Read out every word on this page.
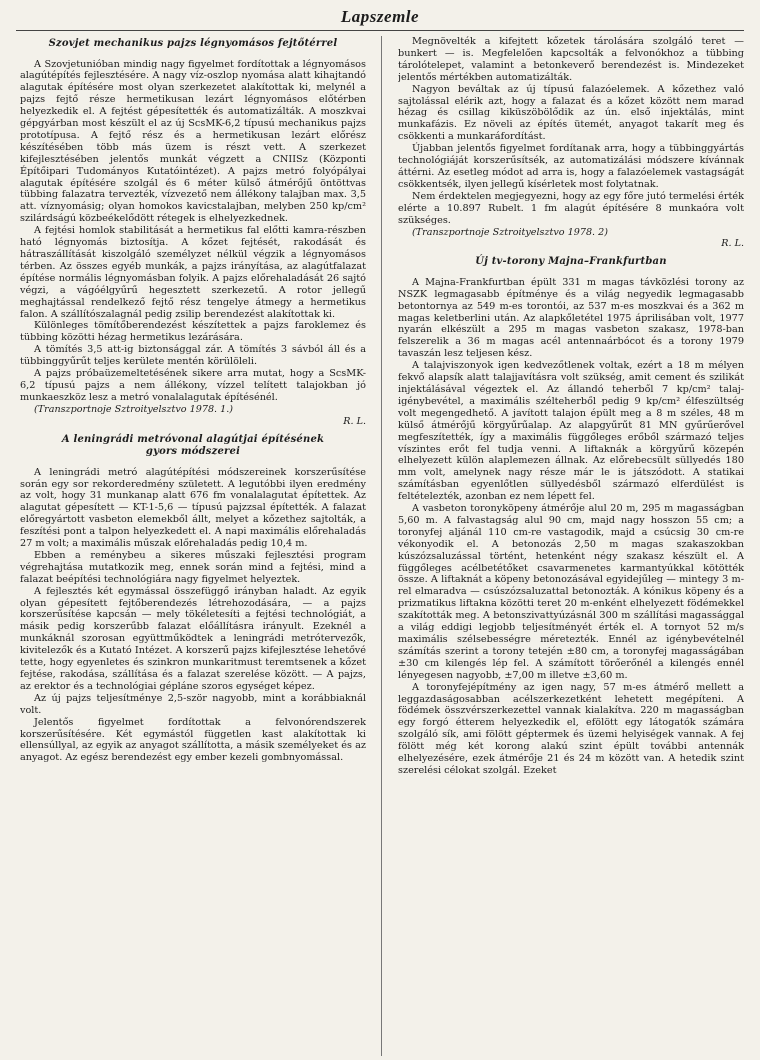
Lapszemle
Szovjet mechanikus pajzs légnyomásos fejtőtérrel

A Szovjetunióban mindig nagy figyelmet fordítottak a légnyomásos alagútépítés fejlesztésére. A nagy víz-oszlop nyomása alatt kihajtandó alagutak építésére most olyan szerkezetet alakítottak ki, melynél a pajzs fejtő része hermetikusan lezárt légnyomásos előtérben helyezkedik el. A fejtést gépesítették és automatizálták. A moszkvai gépgyárban most készült el az új ScsMK-6,2 típusú mechanikus pajzs prototípusa. A fejtő rész és a hermetikusan lezárt előrész készítésében több más üzem is részt vett. A szerkezet kifejlesztésében jelentős munkát végzett a CNIISz (Központi Építőipari Tudományos Kutatóintézet). A pajzs metró folyópályai alagutak építésére szolgál és 6 méter külső átmérőjű öntöttvas tübbing falazatra tervezték, vízvezető nem állékony talajban max. 3,5 att. víznyomásig; olyan homokos kavicstalajban, melyben 250 kp/cm² szilárdságú közbeékelődött rétegek is elhelyezkednek.

A fejtési homlok stabilitását a hermetikus fal előtti kamra-részben ható légnyomás biztosítja. A kőzet fejtését, rakodását és hátraszállítását kiszolgáló személyzet nélkül végzik a légnyomásos térben. Az összes egyéb munkák, a pajzs irányítása, az alagútfalazat építése normális légnyomásban folyik. A pajzs előrehaladását 26 sajtó végzi, a vágóélgyűrű hegesztett szerkezetű. A rotor jellegű meghajtással rendelkező fejtő rész tengelye átmegy a hermetikus falon. A szállítószalagnál pedig zsilip berendezést alakítottak ki.

Különleges tömítőberendezést készítettek a pajzs faroklemez és tübbing közötti hézag hermetikus lezárására.

A tömítés 3,5 att-ig biztonsággal zár. A tömítés 3 sávból áll és a tübbinggyűrűt teljes kerülete mentén körülöleli.

A pajzs próbaüzemeltetésének sikere arra mutat, hogy a ScsMK-6,2 típusú pajzs a nem állékony, vízzel telített talajokban jó munkaeszköz lesz a metró vonalalagutak építésénél.

(Transzportnoje Sztroityelsztvo 1978. 1.)

R. L.

A leningrádi metróvonal alagútjai építésének
gyors módszerei

A leningrádi metró alagútépítési módszereinek korszerűsítése során egy sor rekorderedmény született. A legutóbbi ilyen eredmény az volt, hogy 31 munkanap alatt 676 fm vonalalagutat építettek. Az alagutat gépesített — KT-1-5,6 — típusú pajzzsal építették. A falazat előregyártott vasbeton elemekből állt, melyet a kőzethez sajtolták, a feszítési pont a talpon helyezkedett el. A napi maximális előrehaladás 27 m volt; a maximális műszak előrehaladás pedig 10,4 m.

Ebben a reménybeu a sikeres műszaki fejlesztési program végrehajtása mutatkozik meg, ennek során mind a fejtési, mind a falazat beépítési technológiára nagy figyelmet helyeztek.

A fejlesztés két egymással összefüggő irányban haladt. Az egyik olyan gépesített fejtőberendezés létrehozodására, — a pajzs korszerűsítése kapcsán — mely tökéletesíti a fejtési technológiát, a másik pedig korszerűbb falazat előállításra irányult. Ezeknél a munkáknál szorosan együttműködtek a leningrádi metrótervezők, kivitelezők és a Kutató Intézet. A korszerű pajzs kifejlesztése lehetővé tette, hogy egyenletes és szinkron munkaritmust teremtsenek a kőzet fejtése, rakodása, szállítása és a falazat szerelése között. — A pajzs, az erektor és a technológiai gépláne szoros egységet képez.

Az új pajzs teljesítménye 2,5-ször nagyobb, mint a korábbiaknál volt.

Jelentős figyelmet fordítottak a felvonórendszerek korszerűsítésére. Két egymástól független kast alakítottak ki ellensúllyal, az egyik az anyagot szállította, a másik személyeket és az anyagot. Az egész berendezést egy ember kezeli gombnyomással.

Megnövelték a kifejtett kőzetek tárolására szolgáló teret — bunkert — is. Megfelelően kapcsolták a felvonókhoz a tübbing tárolótelepet, valamint a betonkeverő berendezést is. Mindezeket jelentős mértékben automatizálták.

Nagyon beváltak az új típusú falazóelemek. A kőzethez való sajtolással elérik azt, hogy a falazat és a kőzet között nem marad hézag és csillag kiküszöbölődik az ún. első injektálás, mint munkafázis. Ez növeli az építés ütemét, anyagot takarít meg és csökkenti a munkaráfordítást.

Újabban jelentős figyelmet fordítanak arra, hogy a tübbinggyártás technológiáját korszerűsítsék, az automatizálási módszere kívánnak áttérni. Az esetleg módot ad arra is, hogy a falazóelemek vastagságát csökkentsék, ilyen jellegű kísérletek most folytatnak.

Nem érdektelen megjegyezni, hogy az egy főre jutó termelési érték elérte a 10.897 Rubelt. 1 fm alagút építésére 8 munkaóra volt szükséges.

(Transzportnoje Sztroityelsztvo 1978. 2)

R. L.

Új tv-torony Majna–Frankfurtban

A Majna-Frankfurtban épült 331 m magas távközlési torony az NSZK legmagasabb építménye és a világ negyedik legmagasabb betontornya az 549 m-es torontói, az 537 m-es moszkvai és a 362 m magas keletberlini után. Az alapkőletétel 1975 áprilisában volt, 1977 nyarán elkészült a 295 m magas vasbeton szakasz, 1978-ban felszerelik a 36 m magas acél antennaárbócot és a torony 1979 tavaszán lesz teljesen kész.

A talajviszonyok igen kedvezőtlenek voltak, ezért a 18 m mélyen fekvő alapsík alatt talajjavításra volt szükség, amit cement és szilikát injektálásával végeztek el. Az állandó teherből 7 kp/cm² talaj-igénybevétel, a maximális szélteherből pedig 9 kp/cm² élfeszültség volt megengedhető. A javított talajon épült meg a 8 m széles, 48 m külső átmérőjű körgyűrűalap. Az alapgyűrűt 81 MN gyűrűerővel megfeszítették, így a maximális függőleges erőből származó teljes víszintes erőt fel tudja venni. A liftaknák a körgyűrű közepén elhelyezett külön alaplemezen állnak. Az előrebecsült süllyedés 180 mm volt, amelynek nagy része már le is játszódott. A statikai számításban egyenlőtlen süllyedésből származó elferdülést is feltételezték, azonban ez nem lépett fel.

A vasbeton toronyköpeny átmérője alul 20 m, 295 m magasságban 5,60 m. A falvastagság alul 90 cm, majd nagy hosszon 55 cm; a toronyfej aljánál 110 cm-re vastagodik, majd a csúcsig 30 cm-re vékonyodik el. A betonozás 2,50 m magas szakaszokban kúszózsaluzással történt, hetenként négy szakasz készült el. A függőleges acélbetétőket csavarmenetes karmantyúkkal kötötték össze. A liftaknát a köpeny betonozásával egyidejűleg — mintegy 3 m-rel elmaradva — csúszózsaluzattal betonozták. A kónikus köpeny és a prizmatikus liftakna közötti teret 20 m-enként elhelyezett födémekkel szakították meg. A betonszivattyúzásnál 300 m szállítási magassággal a világ eddigi legjobb teljesítményét érték el. A tornyot 52 m/s maximális szélsebességre méretezték. Ennél az igénybevételnél számítás szerint a torony tetején ±80 cm, a toronyfej magasságában ±30 cm kilengés lép fel. A számított törőerőnél a kilengés ennél lényegesen nagyobb, ±7,00 m illetve ±3,60 m.

A toronyfejépítmény az igen nagy, 57 m-es átmérő mellett a leggazdaságosabban acélszerkezetként lehetett megépíteni. A födémek összvérszerkezettel vannak kialakítva. 220 m magasságban egy forgó étterem helyezkedik el, efölött egy látogatók számára szolgáló sík, ami fölött géptermek és üzemi helyiségek vannak. A fej fölött még két korong alakú szint épült további antennák elhelyezésére, ezek átmérője 21 és 24 m között van. A hetedik szint szerelési célokat szolgál. Ezeket
